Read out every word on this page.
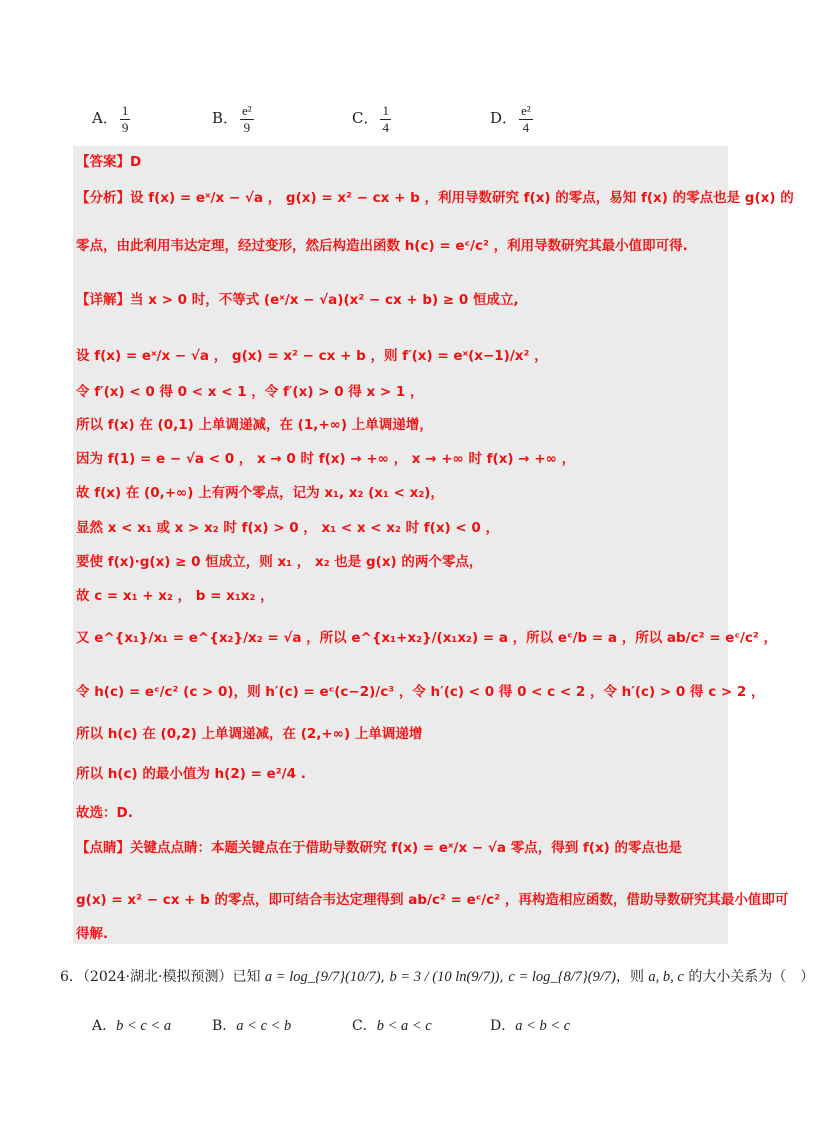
A． $\frac{1}{9}$	B． $\frac{\text{e²}}{9}$	C． $\frac{1}{4}$	D． $\frac{\text{e²}}{4}$
【答案】D
【分析】设 f(x) = eˣ/x − √a ， g(x) = x² − cx + b ，利用导数研究 f(x) 的零点，易知 f(x) 的零点也是 g(x) 的
零点，由此利用韦达定理，经过变形，然后构造出函数 h(c) = eᶜ/c² ，利用导数研究其最小值即可得.
【详解】当 x > 0 时，不等式 (eˣ/x − √a)(x² − cx + b) ≥ 0 恒成立,
设 f(x) = eˣ/x − √a ， g(x) = x² − cx + b ，则 f′(x) = eˣ(x−1)/x² ，
令 f′(x) < 0 得 0 < x < 1 ，令 f′(x) > 0 得 x > 1 ，
所以 f(x) 在 (0,1) 上单调递减，在 (1,+∞) 上单调递增，
因为 f(1) = e − √a < 0 ， x → 0 时 f(x) → +∞ ， x → +∞ 时 f(x) → +∞ ，
故 f(x) 在 (0,+∞) 上有两个零点，记为 x₁, x₂ (x₁ < x₂)，
显然 x < x₁ 或 x > x₂ 时 f(x) > 0 ， x₁ < x < x₂ 时 f(x) < 0 ，
要使 f(x)·g(x) ≥ 0 恒成立，则 x₁ ， x₂ 也是 g(x) 的两个零点，
故 c = x₁ + x₂ ， b = x₁x₂ ，
又 e^{x₁}/x₁ = e^{x₂}/x₂ = √a ，所以 e^{x₁+x₂}/(x₁x₂) = a ，所以 eᶜ/b = a ，所以 ab/c² = eᶜ/c² ，
令 h(c) = eᶜ/c² (c > 0)，则 h′(c) = eᶜ(c−2)/c³ ，令 h′(c) < 0 得 0 < c < 2 ，令 h′(c) > 0 得 c > 2 ，
所以 h(c) 在 (0,2) 上单调递减，在 (2,+∞) 上单调递增
所以 h(c) 的最小值为 h(2) = e²/4 .
故选：D.
【点睛】关键点点睛：本题关键点在于借助导数研究 f(x) = eˣ/x − √a 零点，得到 f(x) 的零点也是
g(x) = x² − cx + b 的零点，即可结合韦达定理得到 ab/c² = eᶜ/c² ，再构造相应函数，借助导数研究其最小值即可
得解.
6．（2024·湖北·模拟预测）已知 a = log_{9/7}(10/7), b = 3 / (10 ln(9/7)), c = log_{8/7}(9/7)，则 a, b, c 的大小关系为（　）
A．b < c < a	B．a < c < b	C．b < a < c	D．a < b < c
